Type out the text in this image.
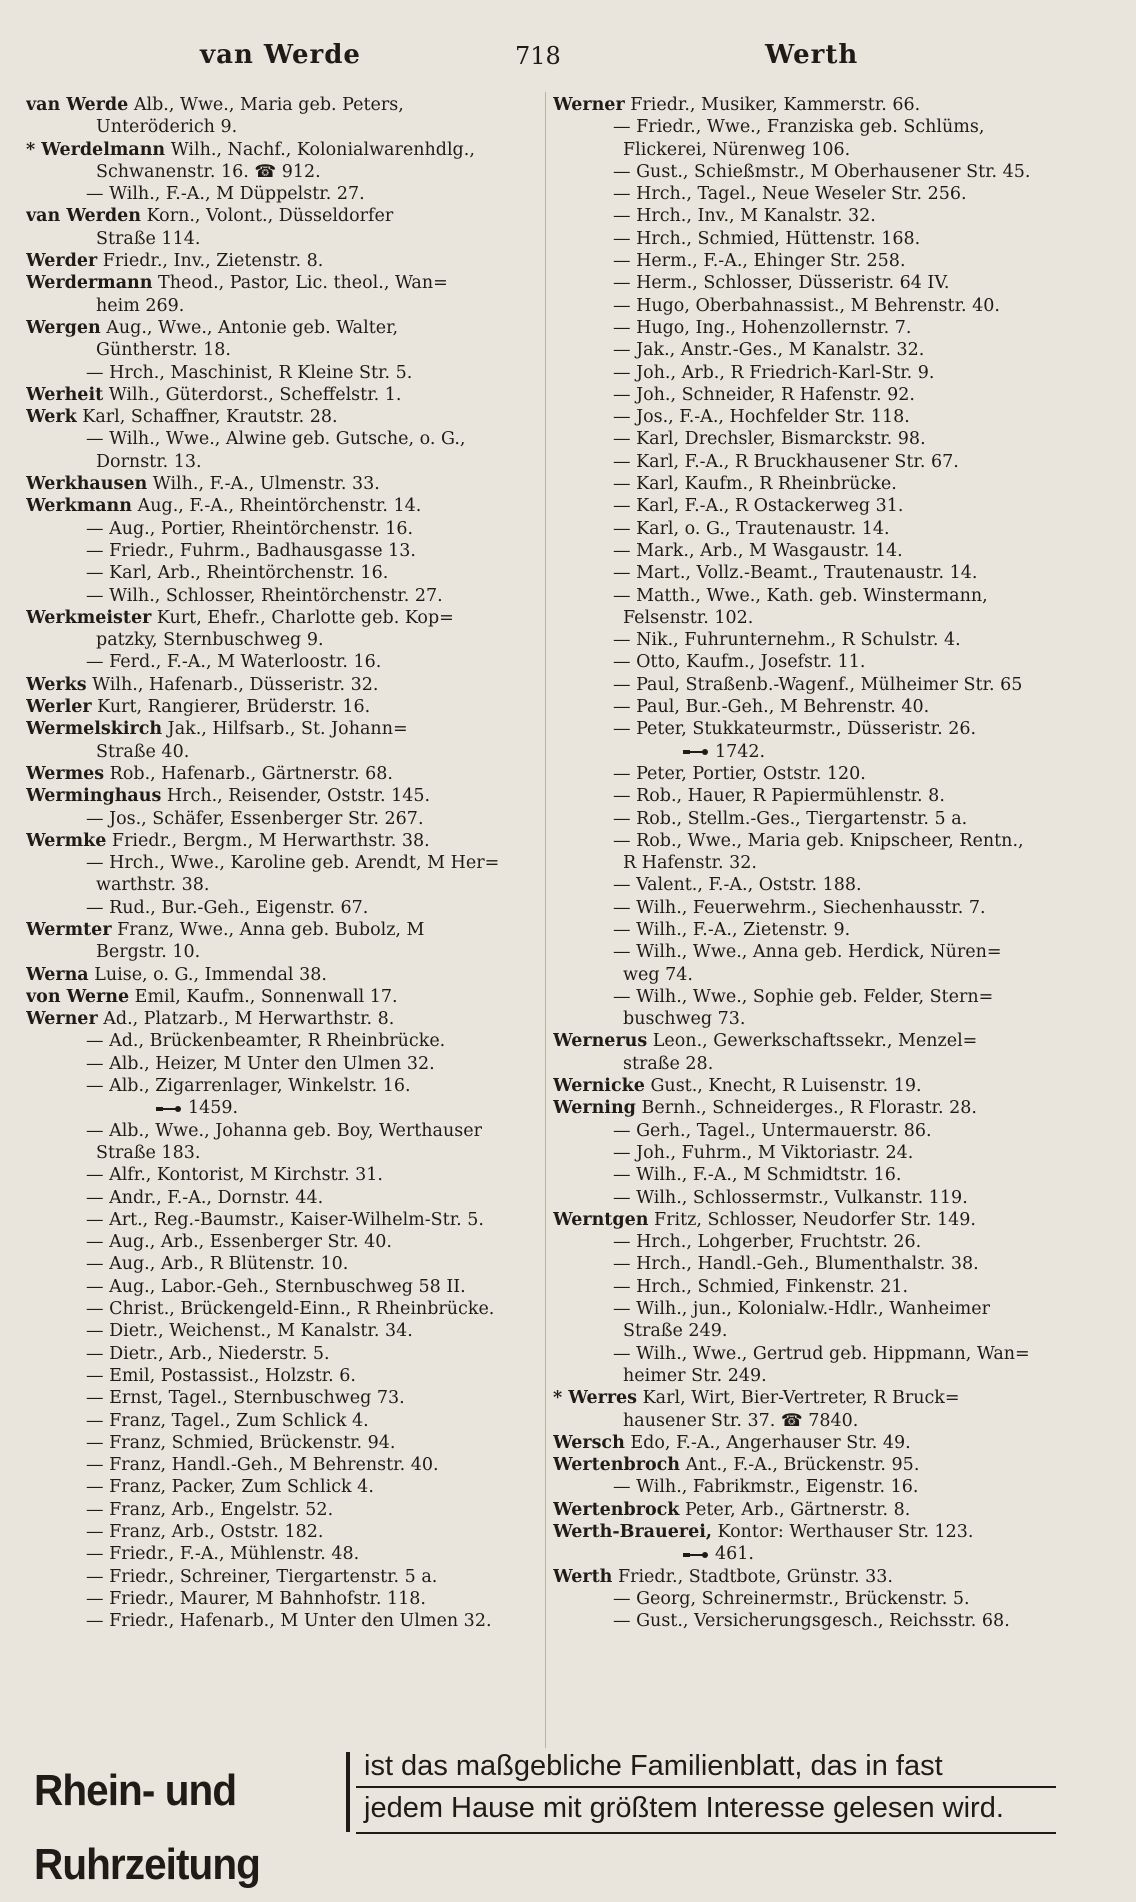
van Werde	718	Werth
van Werde Alb., Wwe., Maria geb. Peters,
Unteröderich 9.
* Werdelmann Wilh., Nachf., Kolonialwarenhdlg.,
Schwanenstr. 16. ☎ 912.
— Wilh., F.-A., M Düppelstr. 27.
van Werden Korn., Volont., Düsseldorfer
Straße 114.
Werder Friedr., Inv., Zietenstr. 8.
Werdermann Theod., Pastor, Lic. theol., Wan=
heim 269.
Wergen Aug., Wwe., Antonie geb. Walter,
Güntherstr. 18.
— Hrch., Maschinist, R Kleine Str. 5.
Werheit Wilh., Güterdorst., Scheffelstr. 1.
Werk Karl, Schaffner, Krautstr. 28.
— Wilh., Wwe., Alwine geb. Gutsche, o. G.,
Dornstr. 13.
Werkhausen Wilh., F.-A., Ulmenstr. 33.
Werkmann Aug., F.-A., Rheintörchenstr. 14.
— Aug., Portier, Rheintörchenstr. 16.
— Friedr., Fuhrm., Badhausgasse 13.
— Karl, Arb., Rheintörchenstr. 16.
— Wilh., Schlosser, Rheintörchenstr. 27.
Werkmeister Kurt, Ehefr., Charlotte geb. Kop=
patzky, Sternbuschweg 9.
— Ferd., F.-A., M Waterloostr. 16.
Werks Wilh., Hafenarb., Düsseristr. 32.
Werler Kurt, Rangierer, Brüderstr. 16.
Wermelskirch Jak., Hilfsarb., St. Johann=
Straße 40.
Wermes Rob., Hafenarb., Gärtnerstr. 68.
Werminghaus Hrch., Reisender, Oststr. 145.
— Jos., Schäfer, Essenberger Str. 267.
Wermke Friedr., Bergm., M Herwarthstr. 38.
— Hrch., Wwe., Karoline geb. Arendt, M Her=
warthstr. 38.
— Rud., Bur.-Geh., Eigenstr. 67.
Wermter Franz, Wwe., Anna geb. Bubolz, M
Bergstr. 10.
Werna Luise, o. G., Immendal 38.
von Werne Emil, Kaufm., Sonnenwall 17.
Werner Ad., Platzarb., M Herwarthstr. 8.
— Ad., Brückenbeamter, R Rheinbrücke.
— Alb., Heizer, M Unter den Ulmen 32.
— Alb., Zigarrenlager, Winkelstr. 16.
1459.
— Alb., Wwe., Johanna geb. Boy, Werthauser
Straße 183.
— Alfr., Kontorist, M Kirchstr. 31.
— Andr., F.-A., Dornstr. 44.
— Art., Reg.-Baumstr., Kaiser-Wilhelm-Str. 5.
— Aug., Arb., Essenberger Str. 40.
— Aug., Arb., R Blütenstr. 10.
— Aug., Labor.-Geh., Sternbuschweg 58 II.
— Christ., Brückengeld-Einn., R Rheinbrücke.
— Dietr., Weichenst., M Kanalstr. 34.
— Dietr., Arb., Niederstr. 5.
— Emil, Postassist., Holzstr. 6.
— Ernst, Tagel., Sternbuschweg 73.
— Franz, Tagel., Zum Schlick 4.
— Franz, Schmied, Brückenstr. 94.
— Franz, Handl.-Geh., M Behrenstr. 40.
— Franz, Packer, Zum Schlick 4.
— Franz, Arb., Engelstr. 52.
— Franz, Arb., Oststr. 182.
— Friedr., F.-A., Mühlenstr. 48.
— Friedr., Schreiner, Tiergartenstr. 5 a.
— Friedr., Maurer, M Bahnhofstr. 118.
— Friedr., Hafenarb., M Unter den Ulmen 32.
Werner Friedr., Musiker, Kammerstr. 66.
— Friedr., Wwe., Franziska geb. Schlüms,
Flickerei, Nürenweg 106.
— Gust., Schießmstr., M Oberhausener Str. 45.
— Hrch., Tagel., Neue Weseler Str. 256.
— Hrch., Inv., M Kanalstr. 32.
— Hrch., Schmied, Hüttenstr. 168.
— Herm., F.-A., Ehinger Str. 258.
— Herm., Schlosser, Düsseristr. 64 IV.
— Hugo, Oberbahnassist., M Behrenstr. 40.
— Hugo, Ing., Hohenzollernstr. 7.
— Jak., Anstr.-Ges., M Kanalstr. 32.
— Joh., Arb., R Friedrich-Karl-Str. 9.
— Joh., Schneider, R Hafenstr. 92.
— Jos., F.-A., Hochfelder Str. 118.
— Karl, Drechsler, Bismarckstr. 98.
— Karl, F.-A., R Bruckhausener Str. 67.
— Karl, Kaufm., R Rheinbrücke.
— Karl, F.-A., R Ostackerweg 31.
— Karl, o. G., Trautenaustr. 14.
— Mark., Arb., M Wasgaustr. 14.
— Mart., Vollz.-Beamt., Trautenaustr. 14.
— Matth., Wwe., Kath. geb. Winstermann,
Felsenstr. 102.
— Nik., Fuhrunternehm., R Schulstr. 4.
— Otto, Kaufm., Josefstr. 11.
— Paul, Straßenb.-Wagenf., Mülheimer Str. 65
— Paul, Bur.-Geh., M Behrenstr. 40.
— Peter, Stukkateurmstr., Düsseristr. 26.
1742.
— Peter, Portier, Oststr. 120.
— Rob., Hauer, R Papiermühlenstr. 8.
— Rob., Stellm.-Ges., Tiergartenstr. 5 a.
— Rob., Wwe., Maria geb. Knipscheer, Rentn.,
R Hafenstr. 32.
— Valent., F.-A., Oststr. 188.
— Wilh., Feuerwehrm., Siechenhausstr. 7.
— Wilh., F.-A., Zietenstr. 9.
— Wilh., Wwe., Anna geb. Herdick, Nüren=
weg 74.
— Wilh., Wwe., Sophie geb. Felder, Stern=
buschweg 73.
Wernerus Leon., Gewerkschaftssekr., Menzel=
straße 28.
Wernicke Gust., Knecht, R Luisenstr. 19.
Werning Bernh., Schneiderges., R Florastr. 28.
— Gerh., Tagel., Untermauerstr. 86.
— Joh., Fuhrm., M Viktoriastr. 24.
— Wilh., F.-A., M Schmidtstr. 16.
— Wilh., Schlossermstr., Vulkanstr. 119.
Werntgen Fritz, Schlosser, Neudorfer Str. 149.
— Hrch., Lohgerber, Fruchtstr. 26.
— Hrch., Handl.-Geh., Blumenthalstr. 38.
— Hrch., Schmied, Finkenstr. 21.
— Wilh., jun., Kolonialw.-Hdlr., Wanheimer
Straße 249.
— Wilh., Wwe., Gertrud geb. Hippmann, Wan=
heimer Str. 249.
* Werres Karl, Wirt, Bier-Vertreter, R Bruck=
hausener Str. 37. ☎ 7840.
Wersch Edo, F.-A., Angerhauser Str. 49.
Wertenbroch Ant., F.-A., Brückenstr. 95.
— Wilh., Fabrikmstr., Eigenstr. 16.
Wertenbrock Peter, Arb., Gärtnerstr. 8.
Werth-Brauerei, Kontor: Werthauser Str. 123.
461.
Werth Friedr., Stadtbote, Grünstr. 33.
— Georg, Schreinermstr., Brückenstr. 5.
— Gust., Versicherungsgesch., Reichsstr. 68.
Rhein- und Ruhrzeitung
ist das maßgebliche Familienblatt, das in fast
jedem Hause mit größtem Interesse gelesen wird.
